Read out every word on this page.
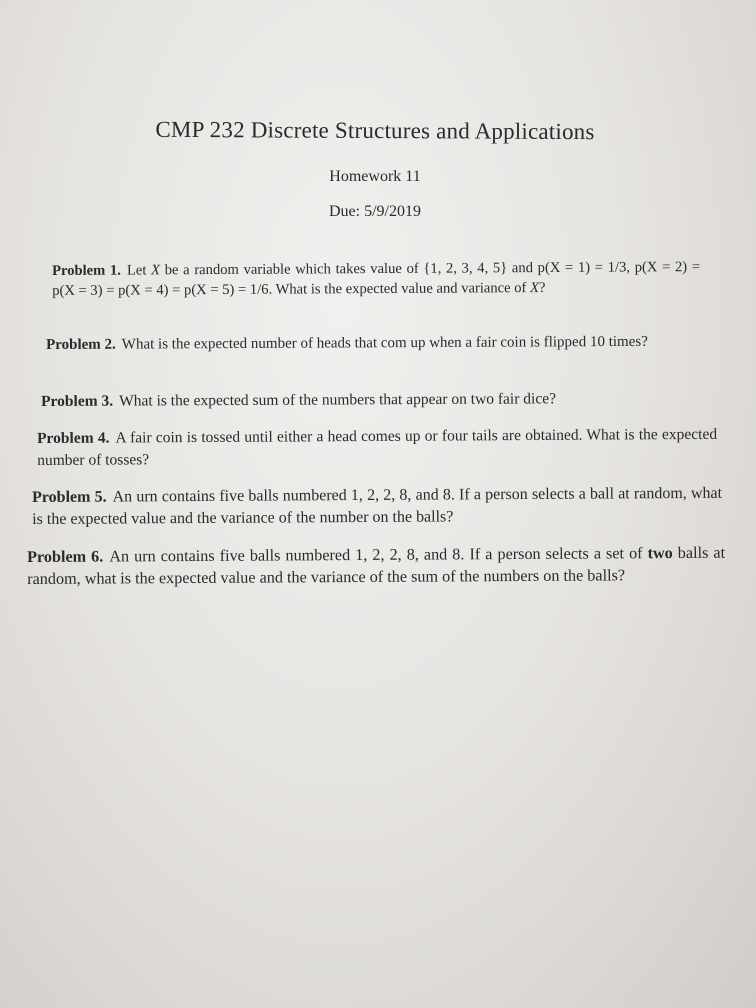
CMP 232 Discrete Structures and Applications
Homework 11
Due: 5/9/2019
Problem 1. Let X be a random variable which takes value of {1, 2, 3, 4, 5} and p(X = 1) = 1/3, p(X = 2) = p(X = 3) = p(X = 4) = p(X = 5) = 1/6. What is the expected value and variance of X?
Problem 2. What is the expected number of heads that com up when a fair coin is flipped 10 times?
Problem 3. What is the expected sum of the numbers that appear on two fair dice?
Problem 4. A fair coin is tossed until either a head comes up or four tails are obtained. What is the expected number of tosses?
Problem 5. An urn contains five balls numbered 1, 2, 2, 8, and 8. If a person selects a ball at random, what is the expected value and the variance of the number on the balls?
Problem 6. An urn contains five balls numbered 1, 2, 2, 8, and 8. If a person selects a set of two balls at random, what is the expected value and the variance of the sum of the numbers on the balls?
